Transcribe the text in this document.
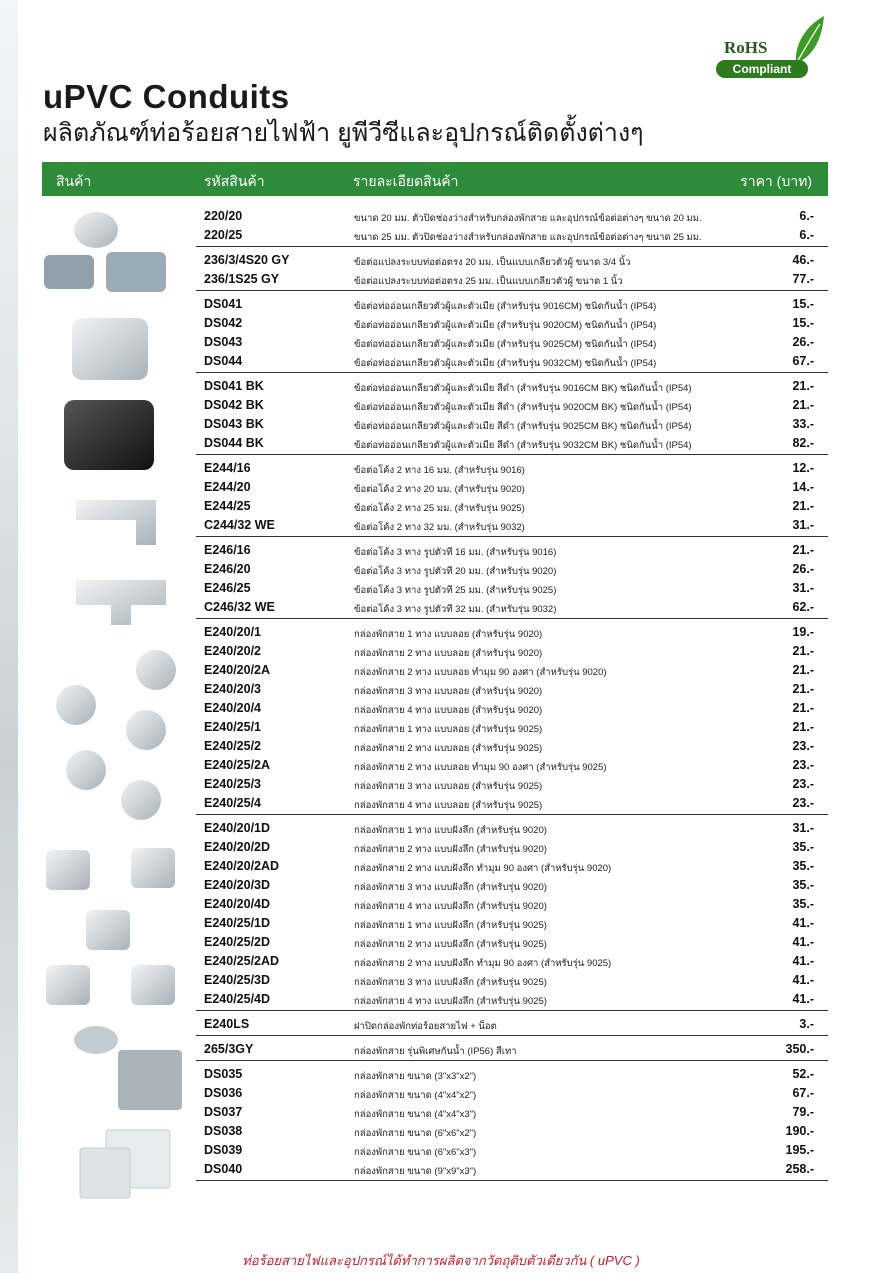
RoHS
Compliant
uPVC Conduits
ผลิตภัณฑ์ท่อร้อยสายไฟฟ้า ยูพีวีซีและอุปกรณ์ติดตั้งต่างๆ
สินค้า	รหัสสินค้า	รายละเอียดสินค้า	ราคา (บาท)
220/20	ขนาด 20 มม. ตัวปิดช่องว่างสำหรับกล่องพักสาย และอุปกรณ์ข้อต่อต่างๆ ขนาด 20 มม.	6.-
220/25	ขนาด 25 มม. ตัวปิดช่องว่างสำหรับกล่องพักสาย และอุปกรณ์ข้อต่อต่างๆ ขนาด 25 มม.	6.-
236/3/4S20 GY	ข้อต่อแปลงระบบท่อต่อตรง 20 มม. เป็นแบบเกลียวตัวผู้ ขนาด 3/4 นิ้ว	46.-
236/1S25 GY	ข้อต่อแปลงระบบท่อต่อตรง 25 มม. เป็นแบบเกลียวตัวผู้ ขนาด 1 นิ้ว	77.-
DS041	ข้อต่อท่ออ่อนเกลียวตัวผู้และตัวเมีย (สำหรับรุ่น 9016CM) ชนิดกันน้ำ (IP54)	15.-
DS042	ข้อต่อท่ออ่อนเกลียวตัวผู้และตัวเมีย (สำหรับรุ่น 9020CM) ชนิดกันน้ำ (IP54)	15.-
DS043	ข้อต่อท่ออ่อนเกลียวตัวผู้และตัวเมีย (สำหรับรุ่น 9025CM) ชนิดกันน้ำ (IP54)	26.-
DS044	ข้อต่อท่ออ่อนเกลียวตัวผู้และตัวเมีย (สำหรับรุ่น 9032CM) ชนิดกันน้ำ (IP54)	67.-
DS041 BK	ข้อต่อท่ออ่อนเกลียวตัวผู้และตัวเมีย สีดำ (สำหรับรุ่น 9016CM BK) ชนิดกันน้ำ (IP54)	21.-
DS042 BK	ข้อต่อท่ออ่อนเกลียวตัวผู้และตัวเมีย สีดำ (สำหรับรุ่น 9020CM BK) ชนิดกันน้ำ (IP54)	21.-
DS043 BK	ข้อต่อท่ออ่อนเกลียวตัวผู้และตัวเมีย สีดำ (สำหรับรุ่น 9025CM BK) ชนิดกันน้ำ (IP54)	33.-
DS044 BK	ข้อต่อท่ออ่อนเกลียวตัวผู้และตัวเมีย สีดำ (สำหรับรุ่น 9032CM BK) ชนิดกันน้ำ (IP54)	82.-
E244/16	ข้อต่อโค้ง 2 ทาง 16 มม. (สำหรับรุ่น 9016)	12.-
E244/20	ข้อต่อโค้ง 2 ทาง 20 มม. (สำหรับรุ่น 9020)	14.-
E244/25	ข้อต่อโค้ง 2 ทาง 25 มม. (สำหรับรุ่น 9025)	21.-
C244/32 WE	ข้อต่อโค้ง 2 ทาง 32 มม. (สำหรับรุ่น 9032)	31.-
E246/16	ข้อต่อโค้ง 3 ทาง รูปตัวที 16 มม. (สำหรับรุ่น 9016)	21.-
E246/20	ข้อต่อโค้ง 3 ทาง รูปตัวที 20 มม. (สำหรับรุ่น 9020)	26.-
E246/25	ข้อต่อโค้ง 3 ทาง รูปตัวที 25 มม. (สำหรับรุ่น 9025)	31.-
C246/32 WE	ข้อต่อโค้ง 3 ทาง รูปตัวที 32 มม. (สำหรับรุ่น 9032)	62.-
E240/20/1	กล่องพักสาย 1 ทาง แบบลอย (สำหรับรุ่น 9020)	19.-
E240/20/2	กล่องพักสาย 2 ทาง แบบลอย (สำหรับรุ่น 9020)	21.-
E240/20/2A	กล่องพักสาย 2 ทาง แบบลอย ทำมุม 90 องศา (สำหรับรุ่น 9020)	21.-
E240/20/3	กล่องพักสาย 3 ทาง แบบลอย (สำหรับรุ่น 9020)	21.-
E240/20/4	กล่องพักสาย 4 ทาง แบบลอย (สำหรับรุ่น 9020)	21.-
E240/25/1	กล่องพักสาย 1 ทาง แบบลอย (สำหรับรุ่น 9025)	21.-
E240/25/2	กล่องพักสาย 2 ทาง แบบลอย (สำหรับรุ่น 9025)	23.-
E240/25/2A	กล่องพักสาย 2 ทาง แบบลอย ทำมุม 90 องศา (สำหรับรุ่น 9025)	23.-
E240/25/3	กล่องพักสาย 3 ทาง แบบลอย (สำหรับรุ่น 9025)	23.-
E240/25/4	กล่องพักสาย 4 ทาง แบบลอย (สำหรับรุ่น 9025)	23.-
E240/20/1D	กล่องพักสาย 1 ทาง แบบฝังลึก (สำหรับรุ่น 9020)	31.-
E240/20/2D	กล่องพักสาย 2 ทาง แบบฝังลึก (สำหรับรุ่น 9020)	35.-
E240/20/2AD	กล่องพักสาย 2 ทาง แบบฝังลึก ทำมุม 90 องศา (สำหรับรุ่น 9020)	35.-
E240/20/3D	กล่องพักสาย 3 ทาง แบบฝังลึก (สำหรับรุ่น 9020)	35.-
E240/20/4D	กล่องพักสาย 4 ทาง แบบฝังลึก (สำหรับรุ่น 9020)	35.-
E240/25/1D	กล่องพักสาย 1 ทาง แบบฝังลึก (สำหรับรุ่น 9025)	41.-
E240/25/2D	กล่องพักสาย 2 ทาง แบบฝังลึก (สำหรับรุ่น 9025)	41.-
E240/25/2AD	กล่องพักสาย 2 ทาง แบบฝังลึก ทำมุม 90 องศา (สำหรับรุ่น 9025)	41.-
E240/25/3D	กล่องพักสาย 3 ทาง แบบฝังลึก (สำหรับรุ่น 9025)	41.-
E240/25/4D	กล่องพักสาย 4 ทาง แบบฝังลึก (สำหรับรุ่น 9025)	41.-
E240LS	ฝาปิดกล่องพักท่อร้อยสายไฟ + น็อต	3.-
265/3GY	กล่องพักสาย รุ่นพิเศษกันน้ำ (IP56) สีเทา	350.-
DS035	กล่องพักสาย ขนาด (3"x3"x2")	52.-
DS036	กล่องพักสาย ขนาด (4"x4"x2")	67.-
DS037	กล่องพักสาย ขนาด (4"x4"x3")	79.-
DS038	กล่องพักสาย ขนาด (6"x6"x2")	190.-
DS039	กล่องพักสาย ขนาด (6"x6"x3")	195.-
DS040	กล่องพักสาย ขนาด (9"x9"x3")	258.-
ท่อร้อยสายไฟและอุปกรณ์ได้ทำการผลิตจากวัตถุดิบตัวเดียวกัน ( uPVC )
